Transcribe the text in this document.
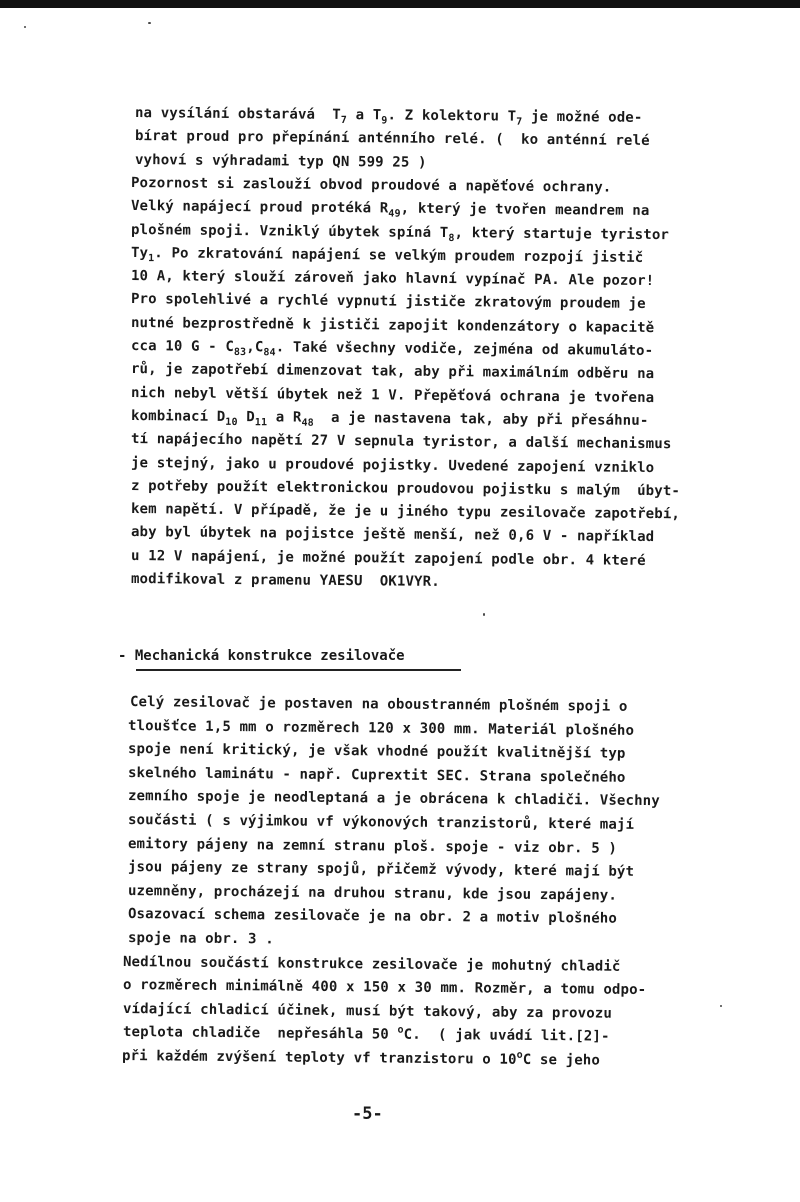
na vysílání obstarává  $T_7$ a $T_9$. Z kolektoru $T_7$ je možné ode-
bírat proud pro přepínání anténního relé. (  ko anténní relé
vyhoví s výhradami typ QN 599 25 )
Pozornost si zaslouží obvod proudové a napěťové ochrany.
Velký napájecí proud protéká $R_{49}$, který je tvořen meandrem na
plošném spoji. Vzniklý úbytek spíná $T_8$, který startuje tyristor
$Ty_1$. Po zkratování napájení se velkým proudem rozpojí jistič
10 A, který slouží zároveň jako hlavní vypínač PA. Ale pozor!
Pro spolehlivé a rychlé vypnutí jističe zkratovým proudem je
nutné bezprostředně k jističi zapojit kondenzátory o kapacitě
cca 10 G - $C_{83},C_{84}$. Také všechny vodiče, zejména od akumuláto-
rů, je zapotřebí dimenzovat tak, aby při maximálním odběru na
nich nebyl větší úbytek než 1 V. Přepěťová ochrana je tvořena
kombinací $D_{10}$ $D_{11}$ a $R_{48}$  a je nastavena tak, aby při přesáhnu-
tí napájecího napětí 27 V sepnula tyristor, a další mechanismus
je stejný, jako u proudové pojistky. Uvedené zapojení vzniklo
z potřeby použít elektronickou proudovou pojistku s malým  úbyt-
kem napětí. V případě, že je u jiného typu zesilovače zapotřebí,
aby byl úbytek na pojistce ještě menší, než 0,6 V - například
u 12 V napájení, je možné použít zapojení podle obr. 4 které
modifikoval z pramenu YAESU  OK1VYR.
- Mechanická konstrukce zesilovače
Celý zesilovač je postaven na oboustranném plošném spoji o
tloušťce 1,5 mm o rozměrech 120 x 300 mm. Materiál plošného
spoje není kritický, je však vhodné použít kvalitnější typ
skelného laminátu - např. Cuprextit SEC. Strana společného
zemního spoje je neodleptaná a je obrácena k chladiči. Všechny
součásti ( s výjimkou vf výkonových tranzistorů, které mají
emitory pájeny na zemní stranu ploš. spoje - viz obr. 5 )
jsou pájeny ze strany spojů, přičemž vývody, které mají být
uzemněny, procházejí na druhou stranu, kde jsou zapájeny.
Osazovací schema zesilovače je na obr. 2 a motiv plošného
spoje na obr. 3 .
Nedílnou součástí konstrukce zesilovače je mohutný chladič
o rozměrech minimálně 400 x 150 x 30 mm. Rozměr, a tomu odpo-
vídající chladicí účinek, musí být takový, aby za provozu
teplota chladiče  nepřesáhla 50 $^o$C.  ( jak uvádí lit.[2]-
při každém zvýšení teploty vf tranzistoru o 10$^o$C se jeho
-5-
